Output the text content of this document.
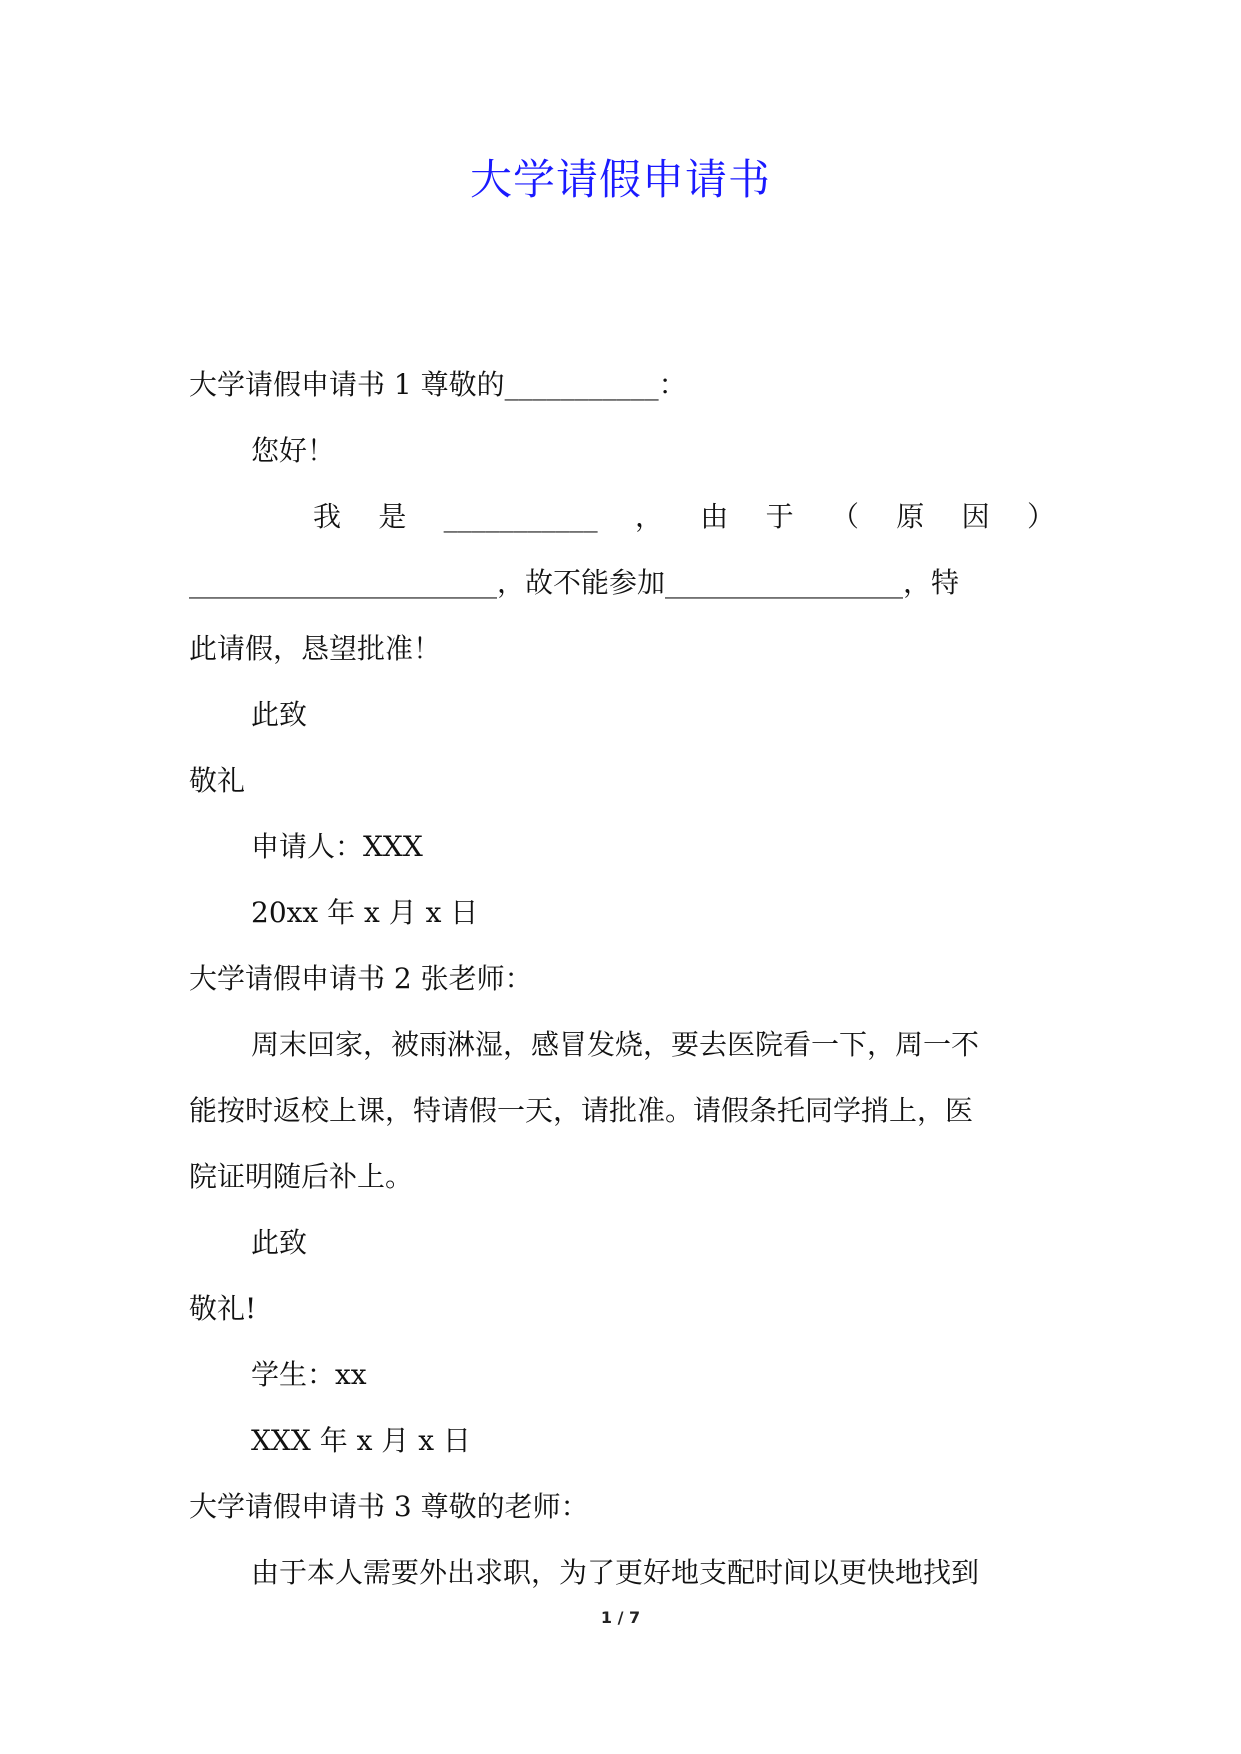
大学请假申请书
大学请假申请书 1 尊敬的___________：
您好！
我 是 ___________ ， 由 于 （ 原 因 ）
______________________，故不能参加_________________，特
此请假，恳望批准！
此致
敬礼
申请人：XXX
20xx 年 x 月 x 日
大学请假申请书 2 张老师：
周末回家，被雨淋湿，感冒发烧，要去医院看一下，周一不
能按时返校上课，特请假一天，请批准。请假条托同学捎上，医
院证明随后补上。
此致
敬礼!
学生：xx
XXX 年 x 月 x 日
大学请假申请书 3 尊敬的老师：
由于本人需要外出求职，为了更好地支配时间以更快地找到
1 / 7
